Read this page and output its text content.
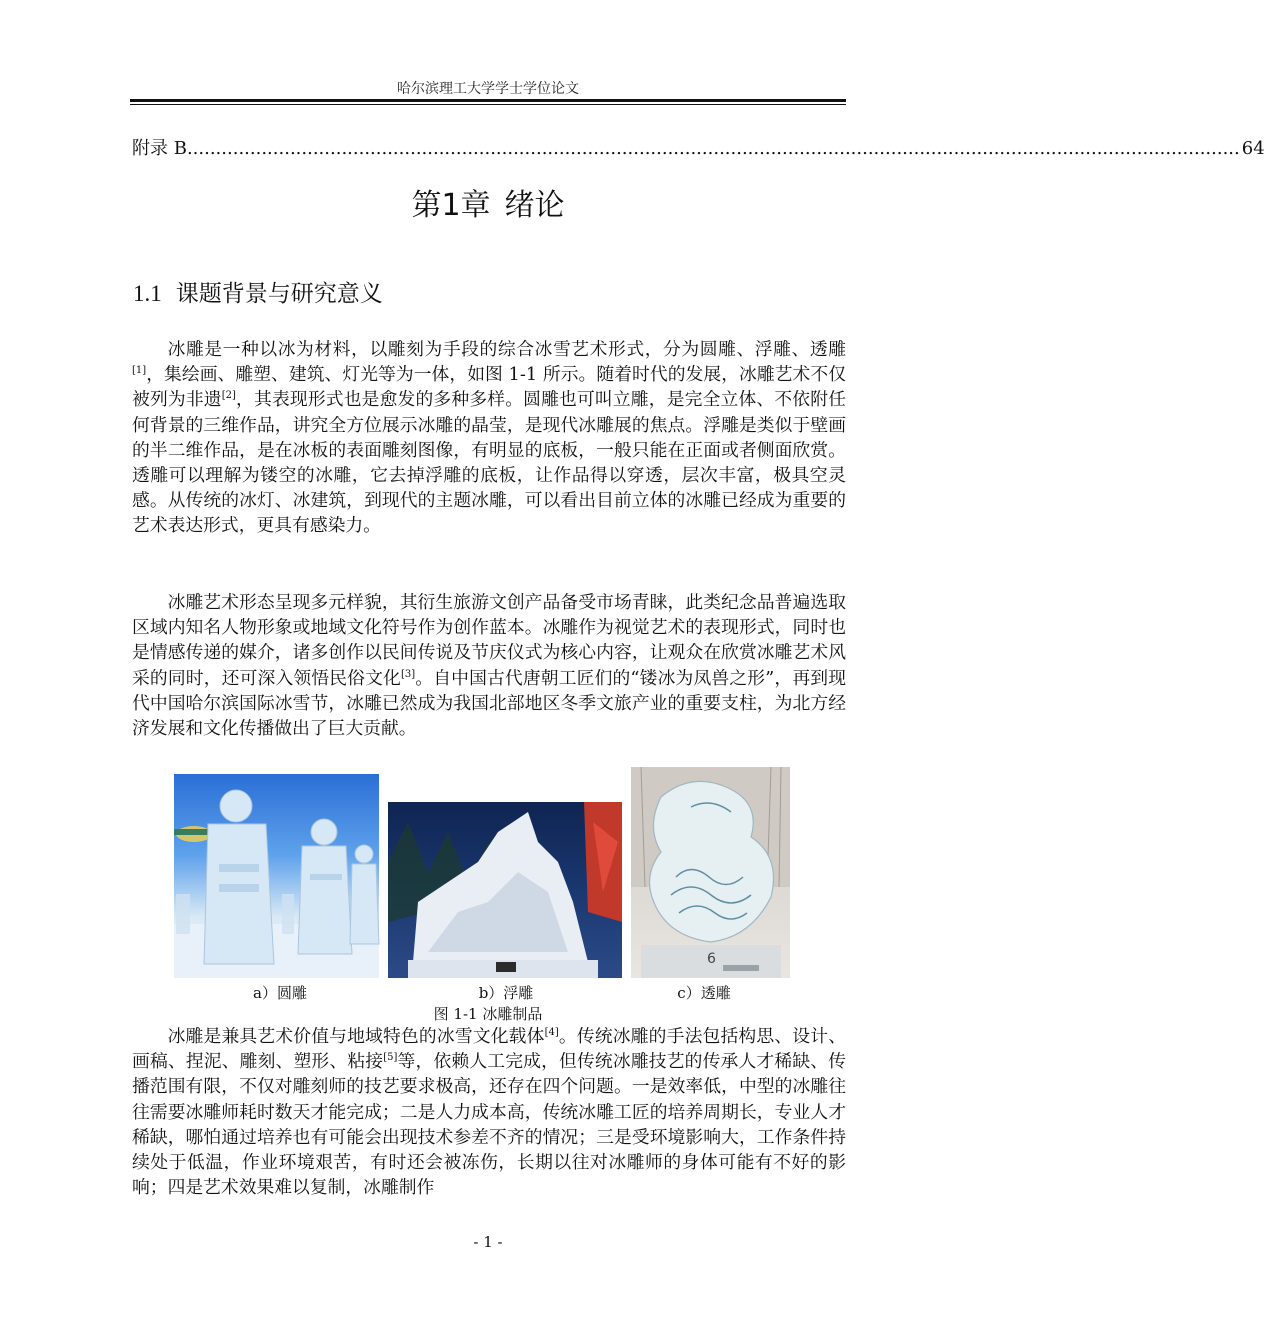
哈尔滨理工大学学士学位论文
附录 B ........................................................................................................................................................................................ 64
第1章 绪论
1.1 课题背景与研究意义

冰雕是一种以冰为材料，以雕刻为手段的综合冰雪艺术形式，分为圆雕、浮雕、透雕[1]，集绘画、雕塑、建筑、灯光等为一体，如图 1-1 所示。随着时代的发展，冰雕艺术不仅被列为非遗[2]，其表现形式也是愈发的多种多样。圆雕也可叫立雕，是完全立体、不依附任何背景的三维作品，讲究全方位展示冰雕的晶莹，是现代冰雕展的焦点。浮雕是类似于壁画的半二维作品，是在冰板的表面雕刻图像，有明显的底板，一般只能在正面或者侧面欣赏。透雕可以理解为镂空的冰雕，它去掉浮雕的底板，让作品得以穿透，层次丰富，极具空灵感。从传统的冰灯、冰建筑，到现代的主题冰雕，可以看出目前立体的冰雕已经成为重要的艺术表达形式，更具有感染力。

冰雕艺术形态呈现多元样貌，其衍生旅游文创产品备受市场青睐，此类纪念品普遍选取区域内知名人物形象或地域文化符号作为创作蓝本。冰雕作为视觉艺术的表现形式，同时也是情感传递的媒介，诸多创作以民间传说及节庆仪式为核心内容，让观众在欣赏冰雕艺术风采的同时，还可深入领悟民俗文化[3]。自中国古代唐朝工匠们的“镂冰为凤兽之形”，再到现代中国哈尔滨国际冰雪节，冰雕已然成为我国北部地区冬季文旅产业的重要支柱，为北方经济发展和文化传播做出了巨大贡献。

6
a）圆雕	b）浮雕	c）透雕
图 1-1 冰雕制品

冰雕是兼具艺术价值与地域特色的冰雪文化载体[4]。传统冰雕的手法包括构思、设计、画稿、捏泥、雕刻、塑形、粘接[5]等，依赖人工完成，但传统冰雕技艺的传承人才稀缺、传播范围有限，不仅对雕刻师的技艺要求极高，还存在四个问题。一是效率低，中型的冰雕往往需要冰雕师耗时数天才能完成；二是人力成本高，传统冰雕工匠的培养周期长，专业人才稀缺，哪怕通过培养也有可能会出现技术参差不齐的情况；三是受环境影响大，工作条件持续处于低温，作业环境艰苦，有时还会被冻伤，长期以往对冰雕师的身体可能有不好的影响；四是艺术效果难以复制，冰雕制作

- 1 -
